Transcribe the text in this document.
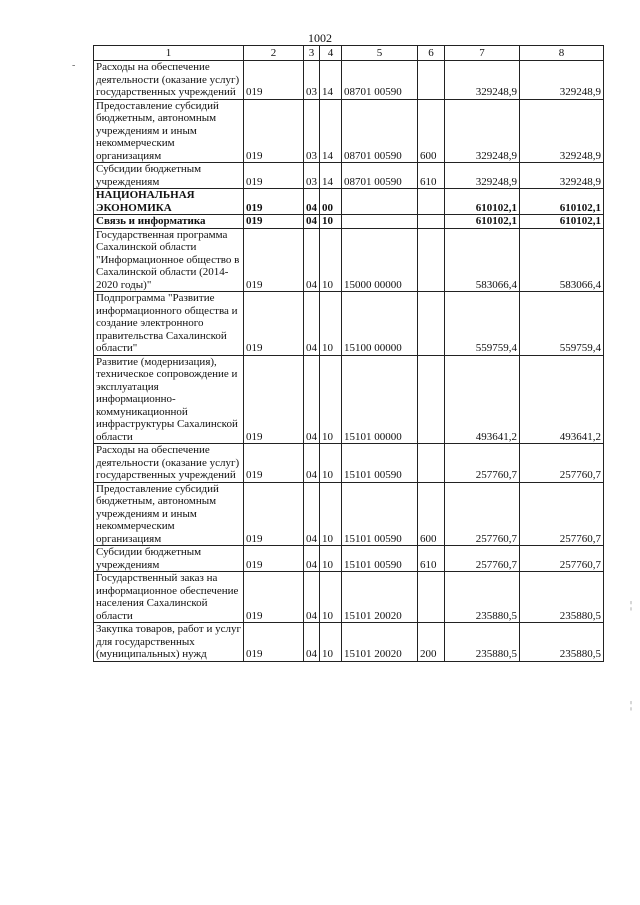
1002
1	2	3	4	5	6	7	8
Расходы на обеспечение деятельности (оказание услуг) государственных учреждений	019	03	14	08701 00590		329248,9	329248,9
Предоставление субсидий бюджетным, автономным учреждениям и иным некоммерческим организациям	019	03	14	08701 00590	600	329248,9	329248,9
Субсидии бюджетным учреждениям	019	03	14	08701 00590	610	329248,9	329248,9
НАЦИОНАЛЬНАЯ ЭКОНОМИКА	019	04	00			610102,1	610102,1
Связь и информатика	019	04	10			610102,1	610102,1
Государственная программа Сахалинской области "Информационное общество в Сахалинской области (2014-2020 годы)"	019	04	10	15000 00000		583066,4	583066,4
Подпрограмма "Развитие информационного общества и создание электронного правительства Сахалинской области"	019	04	10	15100 00000		559759,4	559759,4
Развитие (модернизация), техническое сопровождение и эксплуатация информационно-коммуникационной инфраструктуры Сахалинской области	019	04	10	15101 00000		493641,2	493641,2
Расходы на обеспечение деятельности (оказание услуг) государственных учреждений	019	04	10	15101 00590		257760,7	257760,7
Предоставление субсидий бюджетным, автономным учреждениям и иным некоммерческим организациям	019	04	10	15101 00590	600	257760,7	257760,7
Субсидии бюджетным учреждениям	019	04	10	15101 00590	610	257760,7	257760,7
Государственный заказ на информационное обеспечение населения Сахалинской области	019	04	10	15101 20020		235880,5	235880,5
Закупка товаров, работ и услуг для государственных (муниципальных) нужд	019	04	10	15101 20020	200	235880,5	235880,5
-
¦
¦
